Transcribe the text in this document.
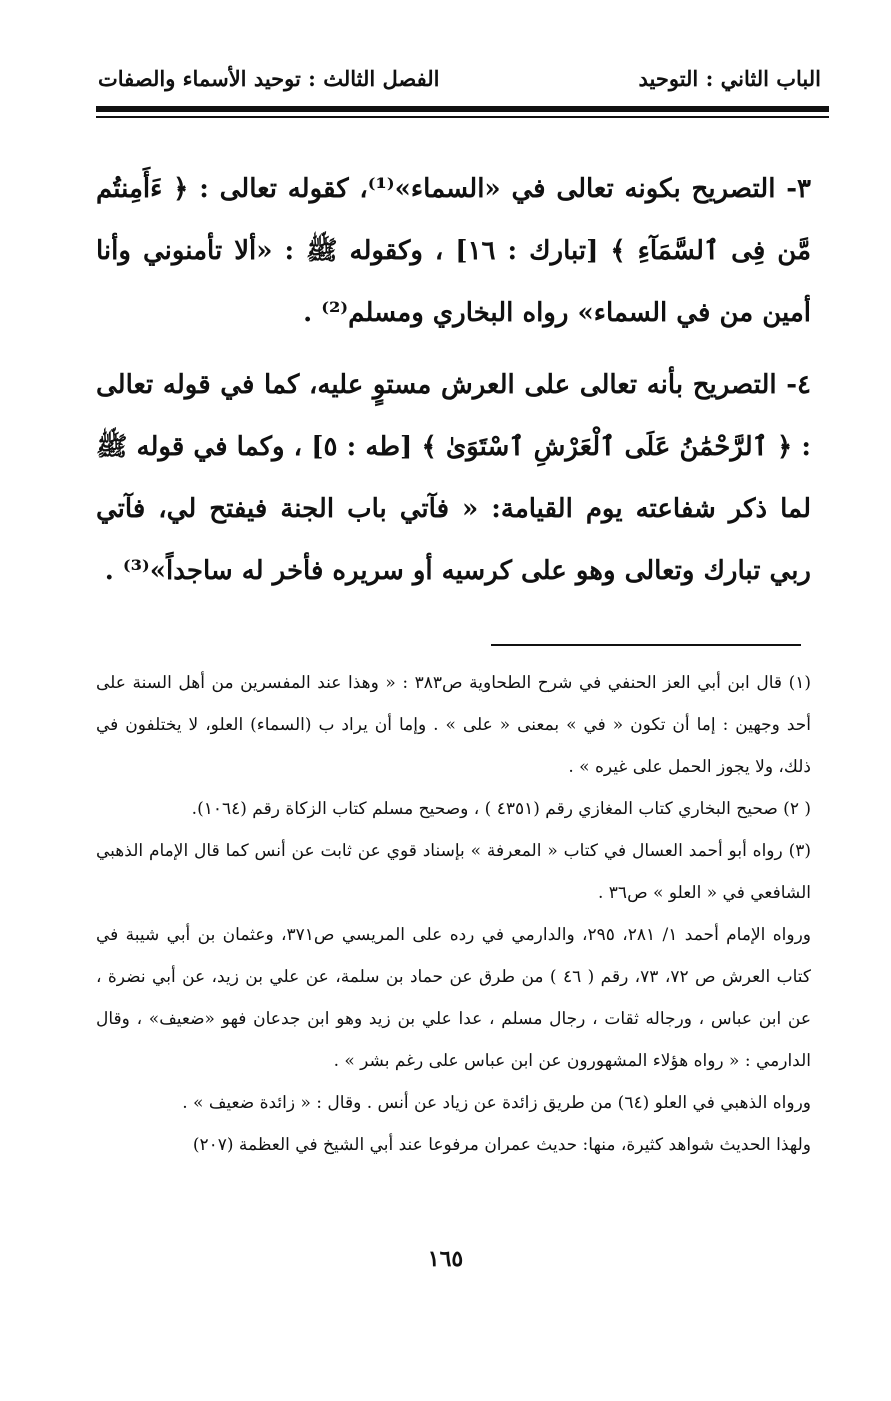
الباب الثاني : التوحيد
الفصل الثالث : توحيد الأسماء والصفات

٣- التصريح بكونه تعالى في «السماء»⁽¹⁾، كقوله تعالى : ﴿ ءَأَمِنتُم مَّن فِى ٱلسَّمَآءِ ﴾ [تبارك : ١٦] ، وكقوله ﷺ : «ألا تأمنوني وأنا أمين من في السماء» رواه البخاري ومسلم⁽²⁾ .

٤- التصريح بأنه تعالى على العرش مستوٍ عليه، كما في قوله تعالى : ﴿ ٱلرَّحْمَٰنُ عَلَى ٱلْعَرْشِ ٱسْتَوَىٰ ﴾ [طه : ٥] ، وكما في قوله ﷺ لما ذكر شفاعته يوم القيامة: « فآتي باب الجنة فيفتح لي، فآتي ربي تبارك وتعالى وهو على كرسيه أو سريره فأخر له ساجداً»⁽³⁾ .

(١) قال ابن أبي العز الحنفي في شرح الطحاوية ص٣٨٣ : « وهذا عند المفسرين من أهل السنة على أحد وجهين : إما أن تكون « في » بمعنى « على » . وإما أن يراد ب (السماء) العلو، لا يختلفون في ذلك، ولا يجوز الحمل على غيره » .

( ٢) صحيح البخاري كتاب المغازي رقم (٤٣٥١ ) ، وصحيح مسلم كتاب الزكاة رقم (١٠٦٤).

(٣) رواه أبو أحمد العسال في كتاب « المعرفة » بإسناد قوي عن ثابت عن أنس كما قال الإمام الذهبي الشافعي في « العلو » ص٣٦ .

ورواه الإمام أحمد ١/ ٢٨١، ٢٩٥، والدارمي في رده على المريسي ص٣٧١، وعثمان بن أبي شيبة في كتاب العرش ص ٧٢، ٧٣، رقم ( ٤٦ ) من طرق عن حماد بن سلمة، عن علي بن زيد، عن أبي نضرة ، عن ابن عباس ، ورجاله ثقات ، رجال مسلم ، عدا علي بن زيد وهو ابن جدعان فهو «ضعيف» ، وقال الدارمي : « رواه هؤلاء المشهورون عن ابن عباس على رغم بشر » .

ورواه الذهبي في العلو (٦٤) من طريق زائدة عن زياد عن أنس . وقال : « زائدة ضعيف » .

ولهذا الحديث شواهد كثيرة، منها: حديث عمران مرفوعا عند أبي الشيخ في العظمة (٢٠٧)

١٦٥
